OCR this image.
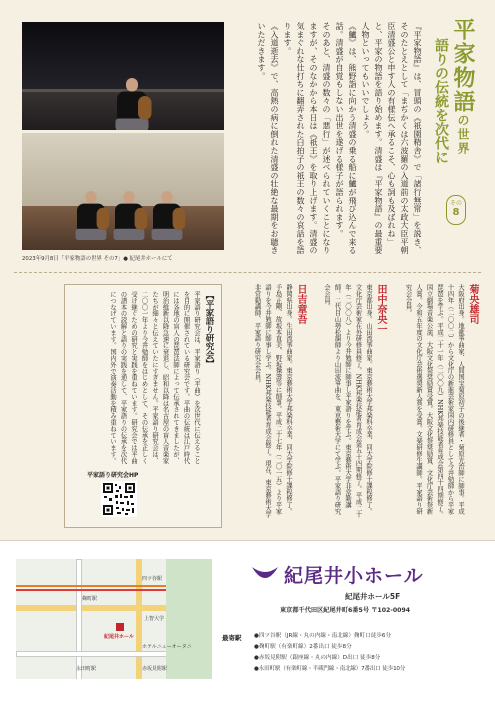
2023年9月8日「平家物語の世界 その7」● 紀尾井ホールにて
平家物語の世界
語りの伝統を次代に
その
8

『平家物語』は、冒頭の《祇園精舎》で「諸行無常」を説き、そのたとえとして「まぢかくは六波羅の入道前の太政大臣平朝臣清盛公と申す人の有様伝へ承るこそ、心も詞も及ばれね」と、平家の物語を語り始めます。清盛は『平家物語』の最重要人物といってもいいでしょう。

《鱸》は、熊野詣に向かう清盛の乗る船に鱸が飛び込んで来る話。清盛が自覚もしない出世を遂げる様子が語られます。

そのあと、清盛の数々の「悪行」が述べられていくことになりますが、そのなかから本日は《祇王》を取り上げます。清盛の気まぐれな仕打ちに翻弄された白拍子の祇王の数々の哀話を語ります。

《入道逝去》で、高熱の病に倒れた清盛の壮絶な最期をお聴きいただきます。

菊央雄司
大阪府出身。地歌箏曲家、人間国宝菊原初子の後継者・菊原光治師に師事。平成十四年（二〇〇二）から文化庁の新進芸術家国内研修員として今井勉師から平家琵琶を学ぶ。平成二十一年（二〇〇九）NHK邦楽技能者育成会第四十四期修了。国立劇場音楽公演、大阪文化祭奨励賞受賞。大阪文化祭奨励賞、文化庁芸術祭新人賞。令和五年度の文化庁芸術選奨新人賞を受賞。文楽研修生講師。平家語り研究会会員。
田中奈央一
東京都出身。山田流箏曲家。東京藝術大学邦楽科卒業、同大学院修士課程修了。文化庁芸術家在外研修員修了。NHK邦楽技能者育成会第五十四期修了。平成二十年（二〇〇八）より今井勉師に師事し平家語りを学ぶ。東京藝術大学非常勤講師。二代目山勢松韻師より山田流箏曲を、東京藝術大学にて学ぶ。平家語り研究会会員。
日吉章吾
静岡県出身。生田流箏曲家。東京藝術大学邦楽科卒業、同大学院修士課程修了。手島正剛、故坂本直美、野坂操壽等に師事。平成二十七年（二〇一五）より平家語りを今井勉師に師事し学ぶ。NHK邦楽技能者育成会修了。現在、東京藝術大学非常勤講師、平家語り研究会会員。
【平家語り研究会】
平家語り研究会は、平家語り（平曲）を次世代に伝えることを目的に開催されている研究会です。平曲の伝統は江戸時代には各地の盲人の琵琶法師によって伝承されてきましたが、明治維新以降急速に衰退し、昭和以降は名古屋の盲人音楽家たちが細々と伝えていたにすぎません。平家語り研究会は、二〇〇一年より今井勉師をはじめとして、その伝承を正しく受け継ぐための研究と実践を重ねています。研究会では平曲の譜本の読解と語りの実践を通して、平家語りの伝承を次代につなげています。国内外で演奏活動を積み重ねています。
平家語り研究会HP
四ツ谷駅
麹町駅
上智大学
紀尾井ホール
ホテルニューオータニ
赤坂見附駅
永田町駅
紀尾井小ホール
紀尾井ホール5F
東京都千代田区紀尾井町6番5号 〒102-0094
最寄駅 ●四ツ谷駅（JR線・丸の内線・南北線）麹町口徒歩6分
●麹町駅（有楽町線）2番出口 徒歩8分
●赤坂見附駅（銀座線・丸の内線）D出口 徒歩8分
●永田町駅（有楽町線・半蔵門線・南北線）7番出口 徒歩10分
